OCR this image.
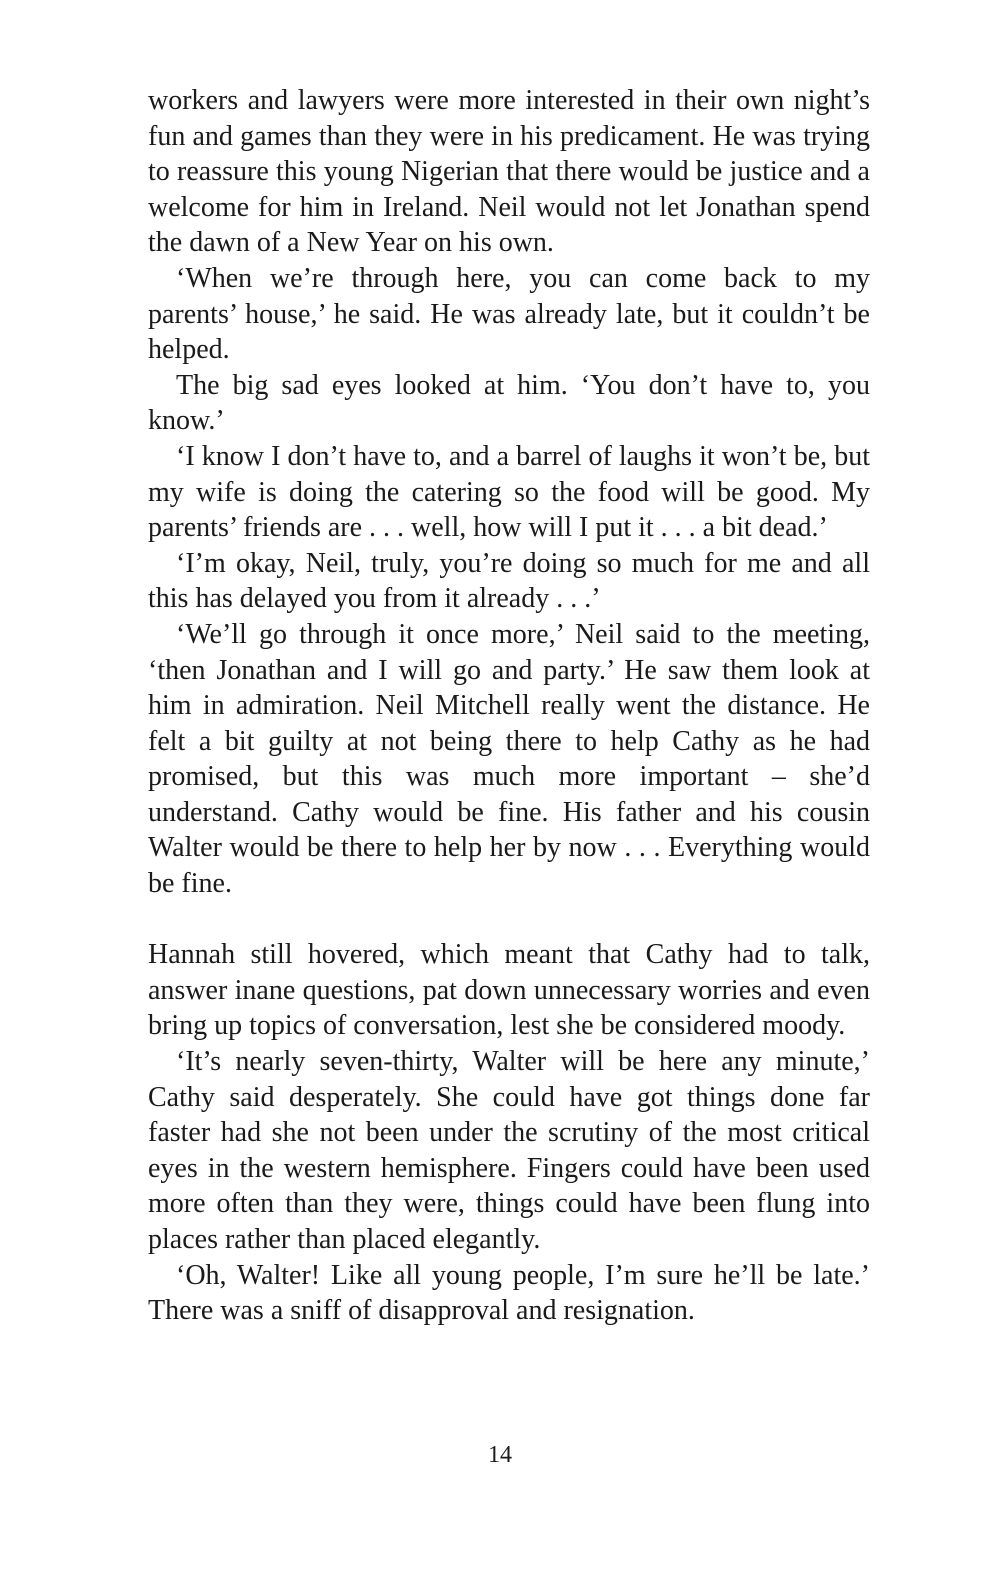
workers and lawyers were more interested in their own night’s fun and games than they were in his predicament. He was trying to reassure this young Nigerian that there would be justice and a welcome for him in Ireland. Neil would not let Jonathan spend the dawn of a New Year on his own.

‘When we’re through here, you can come back to my parents’ house,’ he said. He was already late, but it couldn’t be helped.

The big sad eyes looked at him. ‘You don’t have to, you know.’

‘I know I don’t have to, and a barrel of laughs it won’t be, but my wife is doing the catering so the food will be good. My parents’ friends are . . . well, how will I put it . . . a bit dead.’

‘I’m okay, Neil, truly, you’re doing so much for me and all this has delayed you from it already . . .’

‘We’ll go through it once more,’ Neil said to the meeting, ‘then Jonathan and I will go and party.’ He saw them look at him in admiration. Neil Mitchell really went the distance. He felt a bit guilty at not being there to help Cathy as he had promised, but this was much more important – she’d understand. Cathy would be fine. His father and his cousin Walter would be there to help her by now . . . Everything would be fine.

Hannah still hovered, which meant that Cathy had to talk, answer inane questions, pat down unnecessary worries and even bring up topics of conversation, lest she be considered moody.

‘It’s nearly seven-thirty, Walter will be here any minute,’ Cathy said desperately. She could have got things done far faster had she not been under the scrutiny of the most critical eyes in the western hemisphere. Fingers could have been used more often than they were, things could have been flung into places rather than placed elegantly.

‘Oh, Walter! Like all young people, I’m sure he’ll be late.’ There was a sniff of disapproval and resignation.

14
